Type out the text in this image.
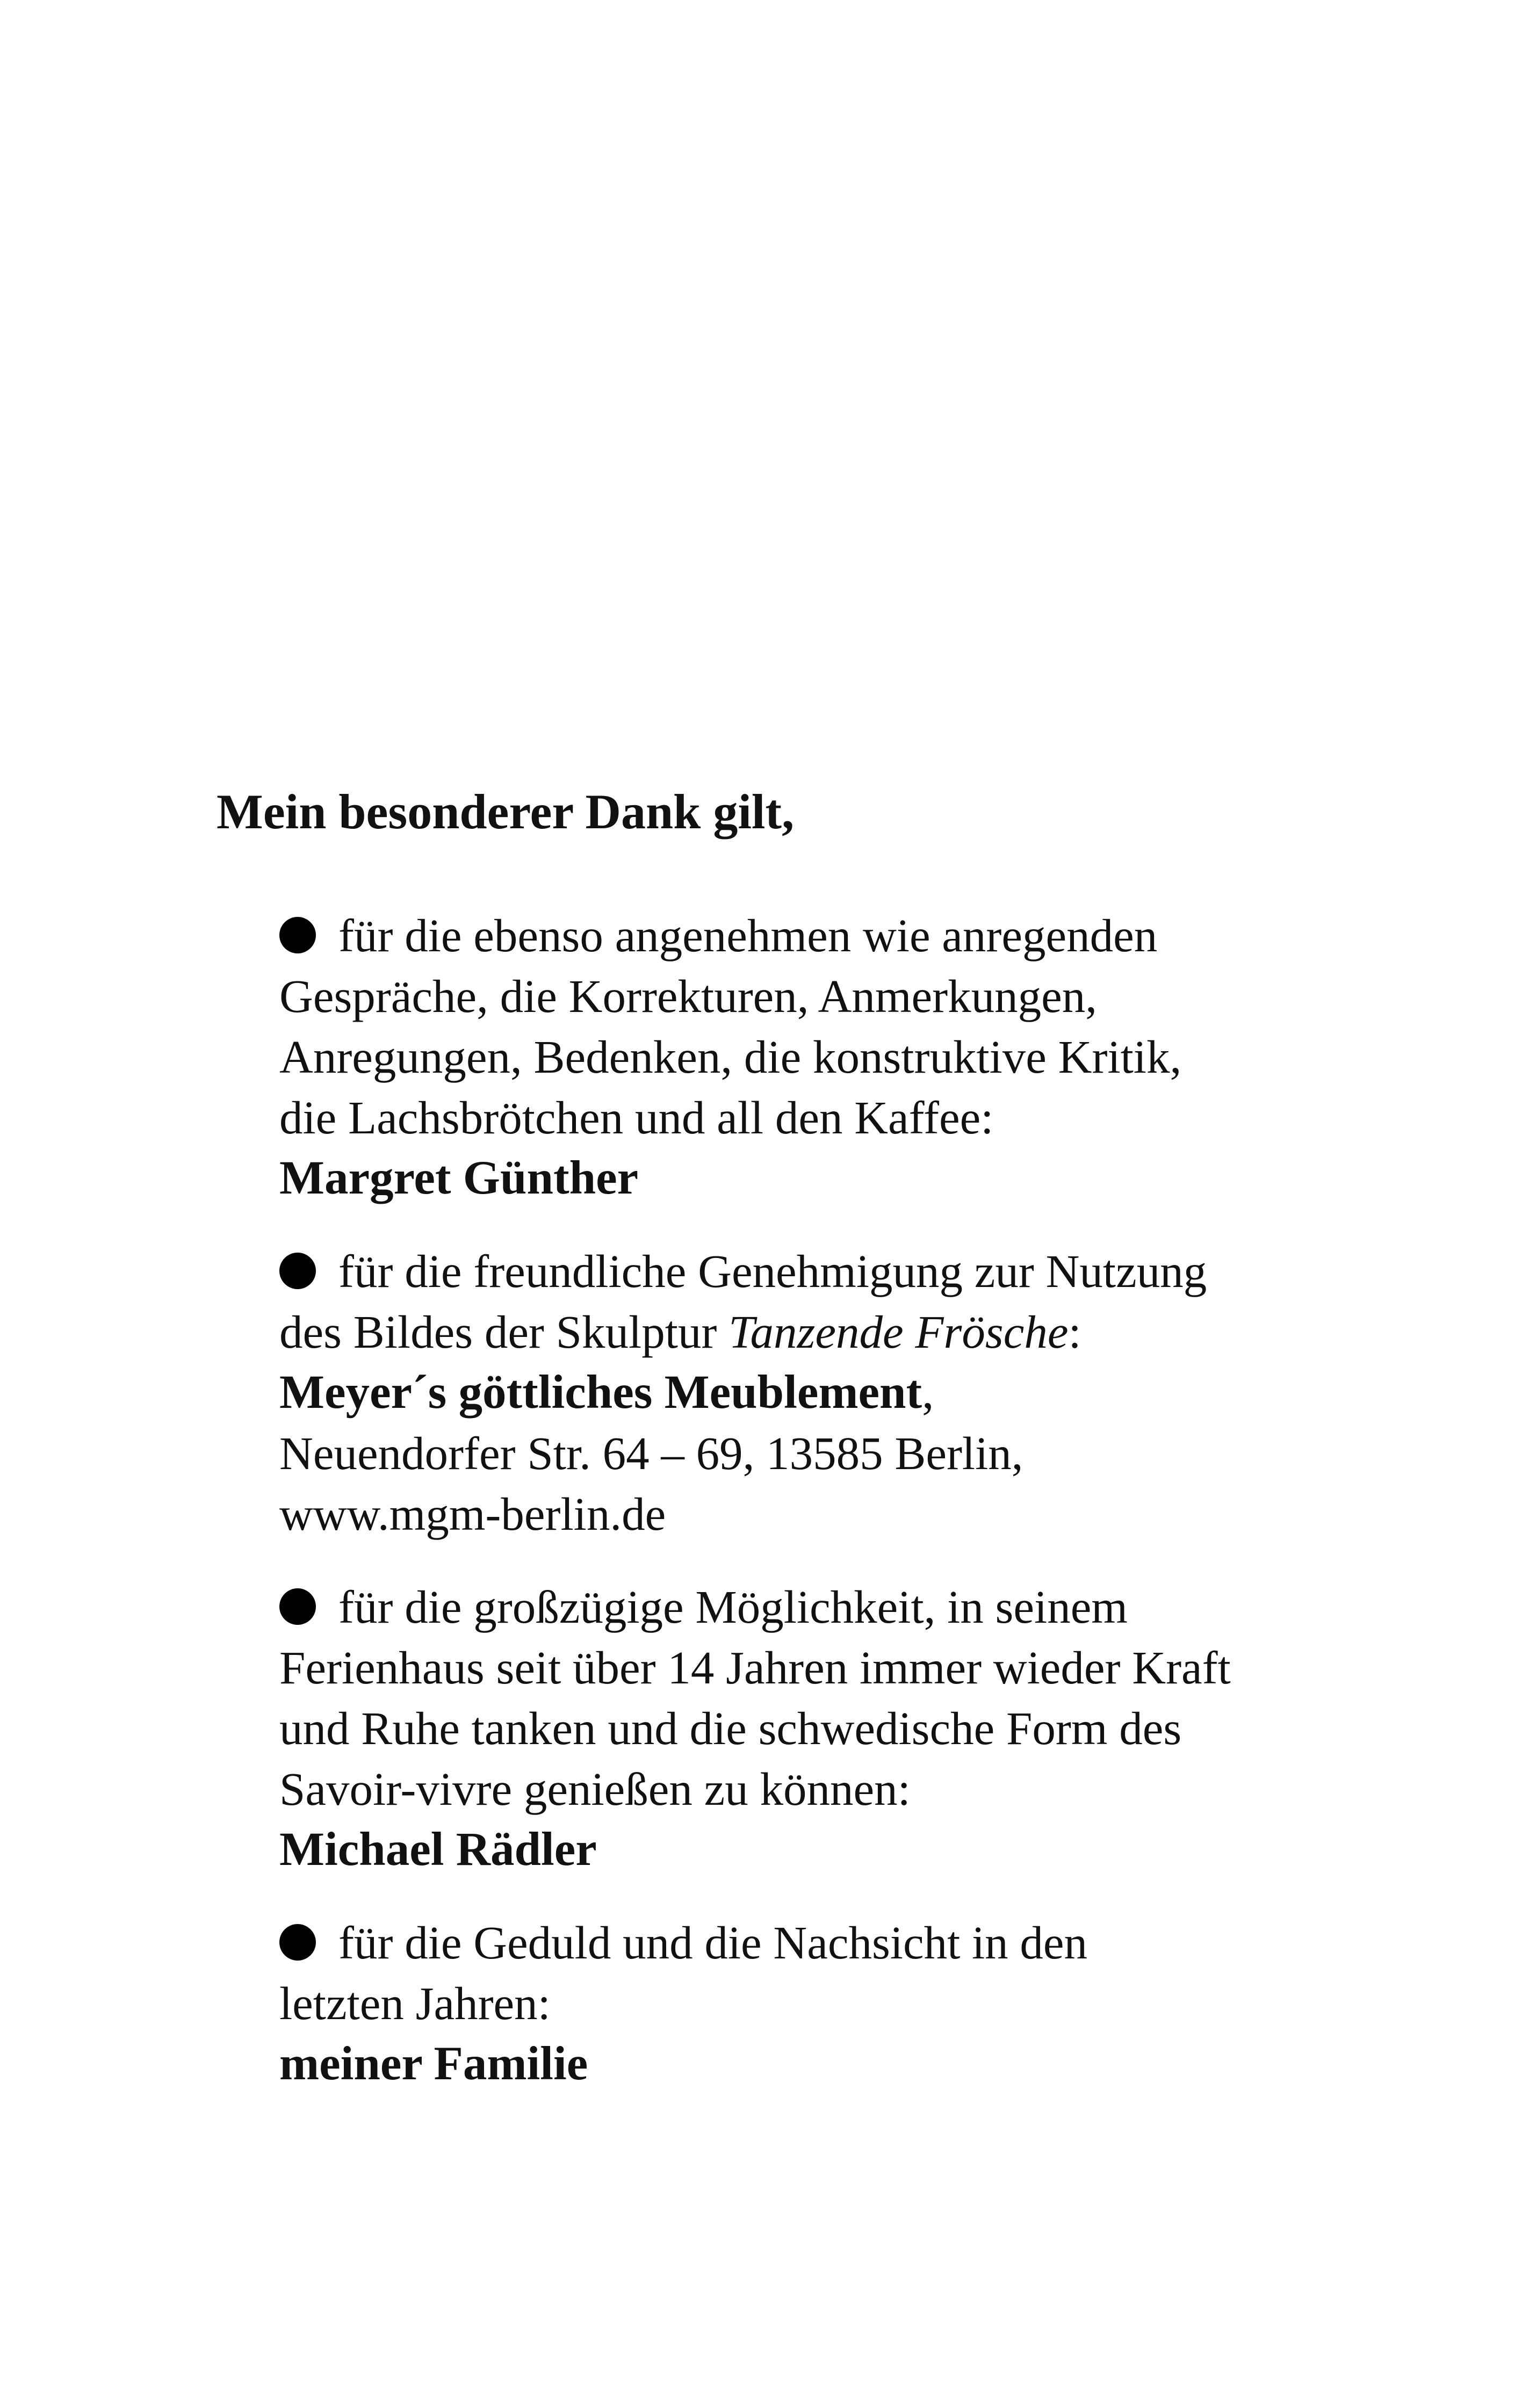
Mein besonderer Dank gilt,
für die ebenso angenehmen wie anregenden
Gespräche, die Korrekturen, Anmerkungen,
Anregungen, Bedenken, die konstruktive Kritik,
die Lachsbrötchen und all den Kaffee:
Margret Günther
für die freundliche Genehmigung zur Nutzung
des Bildes der Skulptur Tanzende Frösche:
Meyer´s göttliches Meublement,
Neuendorfer Str. 64 – 69, 13585 Berlin,
www.mgm-berlin.de
für die großzügige Möglichkeit, in seinem
Ferienhaus seit über 14 Jahren immer wieder Kraft
und Ruhe tanken und die schwedische Form des
Savoir-vivre genießen zu können:
Michael Rädler
für die Geduld und die Nachsicht in den
letzten Jahren:
meiner Familie
